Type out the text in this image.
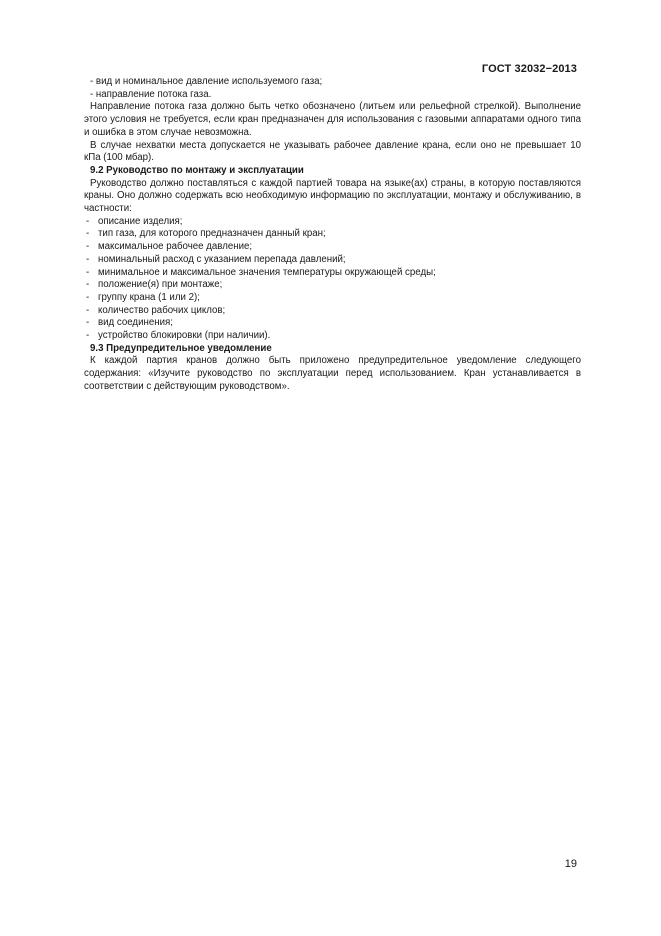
ГОСТ 32032−2013

- вид и номинальное давление используемого газа;

- направление потока газа.

Направление потока газа должно быть четко обозначено (литьем или рельефной стрелкой). Выполнение этого условия не требуется, если кран предназначен для использования с газовыми аппаратами одного типа и ошибка в этом случае невозможна.

В случае нехватки места допускается не указывать рабочее давление крана, если оно не превышает 10 кПа (100 мбар).

9.2 Руководство по монтажу и эксплуатации

Руководство должно поставляться с каждой партией товара на языке(ах) страны, в которую поставляются краны. Оно должно содержать всю необходимую информацию по эксплуатации, монтажу и обслуживанию, в частности:

- описание изделия;
- тип газа, для которого предназначен данный кран;
- максимальное рабочее давление;
- номинальный расход с указанием перепада давлений;
- минимальное и максимальное значения температуры окружающей среды;
- положение(я) при монтаже;
- группу крана (1 или 2);
- количество рабочих циклов;
- вид соединения;
- устройство блокировки (при наличии).

9.3 Предупредительное уведомление

К каждой партия кранов должно быть приложено предупредительное уведомление следующего содержания: «Изучите руководство по эксплуатации перед использованием. Кран устанавливается в соответствии с действующим руководством».

19
